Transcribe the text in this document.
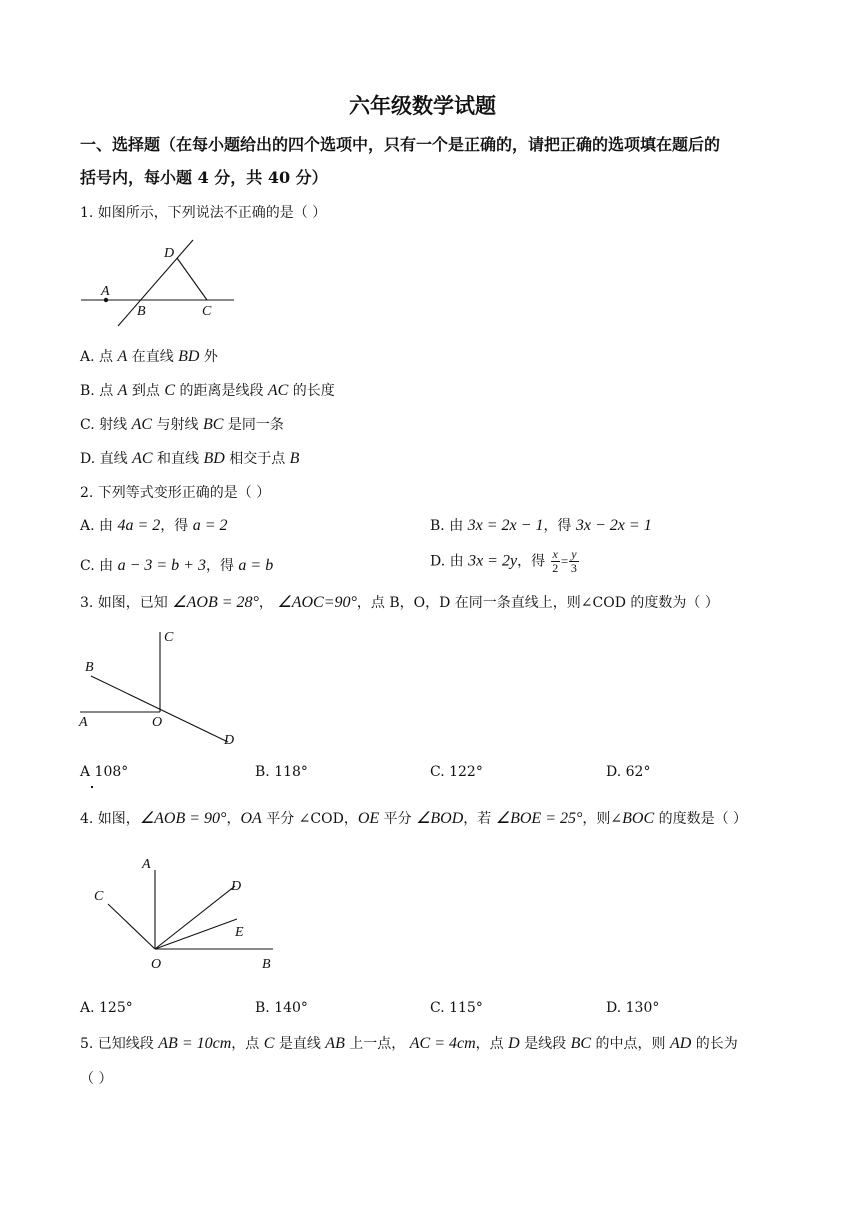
六年级数学试题
一、选择题（在每小题给出的四个选项中，只有一个是正确的，请把正确的选项填在题后的
括号内，每小题 4 分，共 40 分）
1. 如图所示，下列说法不正确的是（ ）
D
A
B	C
A. 点 A 在直线 BD 外
B. 点 A 到点 C 的距离是线段 AC 的长度
C. 射线 AC 与射线 BC 是同一条
D. 直线 AC 和直线 BD 相交于点 B
2. 下列等式变形正确的是（ ）
A. 由 4a = 2，得 a = 2	B. 由 3x = 2x − 1，得 3x − 2x = 1
C. 由 a − 3 = b + 3，得 a = b	D. 由 3x = 2y，得 $\frac{x}{2} = \frac{y}{3}$
3. 如图，已知 ∠AOB = 28°， ∠AOC=90°，点 B，O，D 在同一条直线上，则∠COD 的度数为（ ）
C
B
A	O
D
A 108°	B. 118°	C. 122°	D. 62°
4. 如图，∠AOB = 90°，OA 平分 ∠COD，OE 平分 ∠BOD，若 ∠BOE = 25°，则∠BOC 的度数是（ ）
A
D
C
E
O	B
A. 125°	B. 140°	C. 115°	D. 130°
5. 已知线段 AB = 10cm，点 C 是直线 AB 上一点， AC = 4cm，点 D 是线段 BC 的中点，则 AD 的长为
（ ）
